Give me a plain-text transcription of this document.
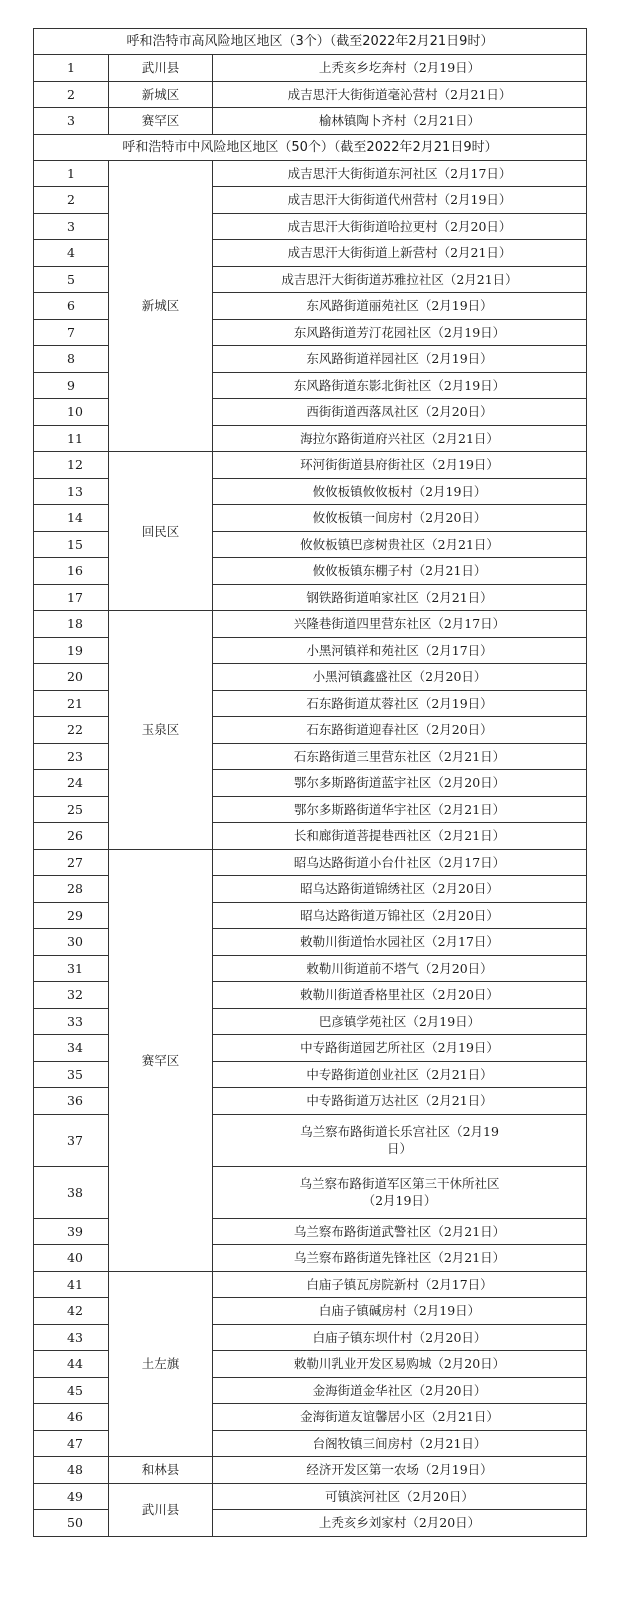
呼和浩特市高风险地区地区（3个）（截至2022年2月21日9时）		
1	武川县	上秃亥乡圪奔村（2月19日）
2	新城区	成吉思汗大街街道毫沁营村（2月21日）
3	赛罕区	榆林镇陶卜齐村（2月21日）
呼和浩特市中风险地区地区（50个）（截至2022年2月21日9时）		
1	新城区	成吉思汗大街街道东河社区（2月17日）
2		成吉思汗大街街道代州营村（2月19日）
3		成吉思汗大街街道哈拉更村（2月20日）
4		成吉思汗大街街道上新营村（2月21日）
5		成吉思汗大街街道苏雅拉社区（2月21日）
6		东风路街道丽苑社区（2月19日）
7		东风路街道芳汀花园社区（2月19日）
8		东风路街道祥园社区（2月19日）
9		东风路街道东影北街社区（2月19日）
10		西街街道西落凤社区（2月20日）
11		海拉尔路街道府兴社区（2月21日）
12	回民区	环河街街道县府街社区（2月19日）
13		攸攸板镇攸攸板村（2月19日）
14		攸攸板镇一间房村（2月20日）
15		攸攸板镇巴彦树贵社区（2月21日）
16		攸攸板镇东棚子村（2月21日）
17		钢铁路街道咱家社区（2月21日）
18	玉泉区	兴隆巷街道四里营东社区（2月17日）
19		小黑河镇祥和苑社区（2月17日）
20		小黑河镇鑫盛社区（2月20日）
21		石东路街道苁蓉社区（2月19日）
22		石东路街道迎春社区（2月20日）
23		石东路街道三里营东社区（2月21日）
24		鄂尔多斯路街道蓝宇社区（2月20日）
25		鄂尔多斯路街道华宇社区（2月21日）
26		长和廊街道菩提巷西社区（2月21日）
27	赛罕区	昭乌达路街道小台什社区（2月17日）
28		昭乌达路街道锦绣社区（2月20日）
29		昭乌达路街道万锦社区（2月20日）
30		敕勒川街道怡水园社区（2月17日）
31		敕勒川街道前不塔气（2月20日）
32		敕勒川街道香格里社区（2月20日）
33		巴彦镇学苑社区（2月19日）
34		中专路街道园艺所社区（2月19日）
35		中专路街道创业社区（2月21日）
36		中专路街道万达社区（2月21日）
37		乌兰察布路街道长乐宫社区（2月19日）
38		乌兰察布路街道军区第三干休所社区（2月19日）
39		乌兰察布路街道武警社区（2月21日）
40		乌兰察布路街道先锋社区（2月21日）
41	土左旗	白庙子镇瓦房院新村（2月17日）
42		白庙子镇碱房村（2月19日）
43		白庙子镇东坝什村（2月20日）
44		敕勒川乳业开发区易购城（2月20日）
45		金海街道金华社区（2月20日）
46		金海街道友谊馨居小区（2月21日）
47		台阁牧镇三间房村（2月21日）
48	和林县	经济开发区第一农场（2月19日）
49	武川县	可镇滨河社区（2月20日）
50		上秃亥乡刘家村（2月20日）
